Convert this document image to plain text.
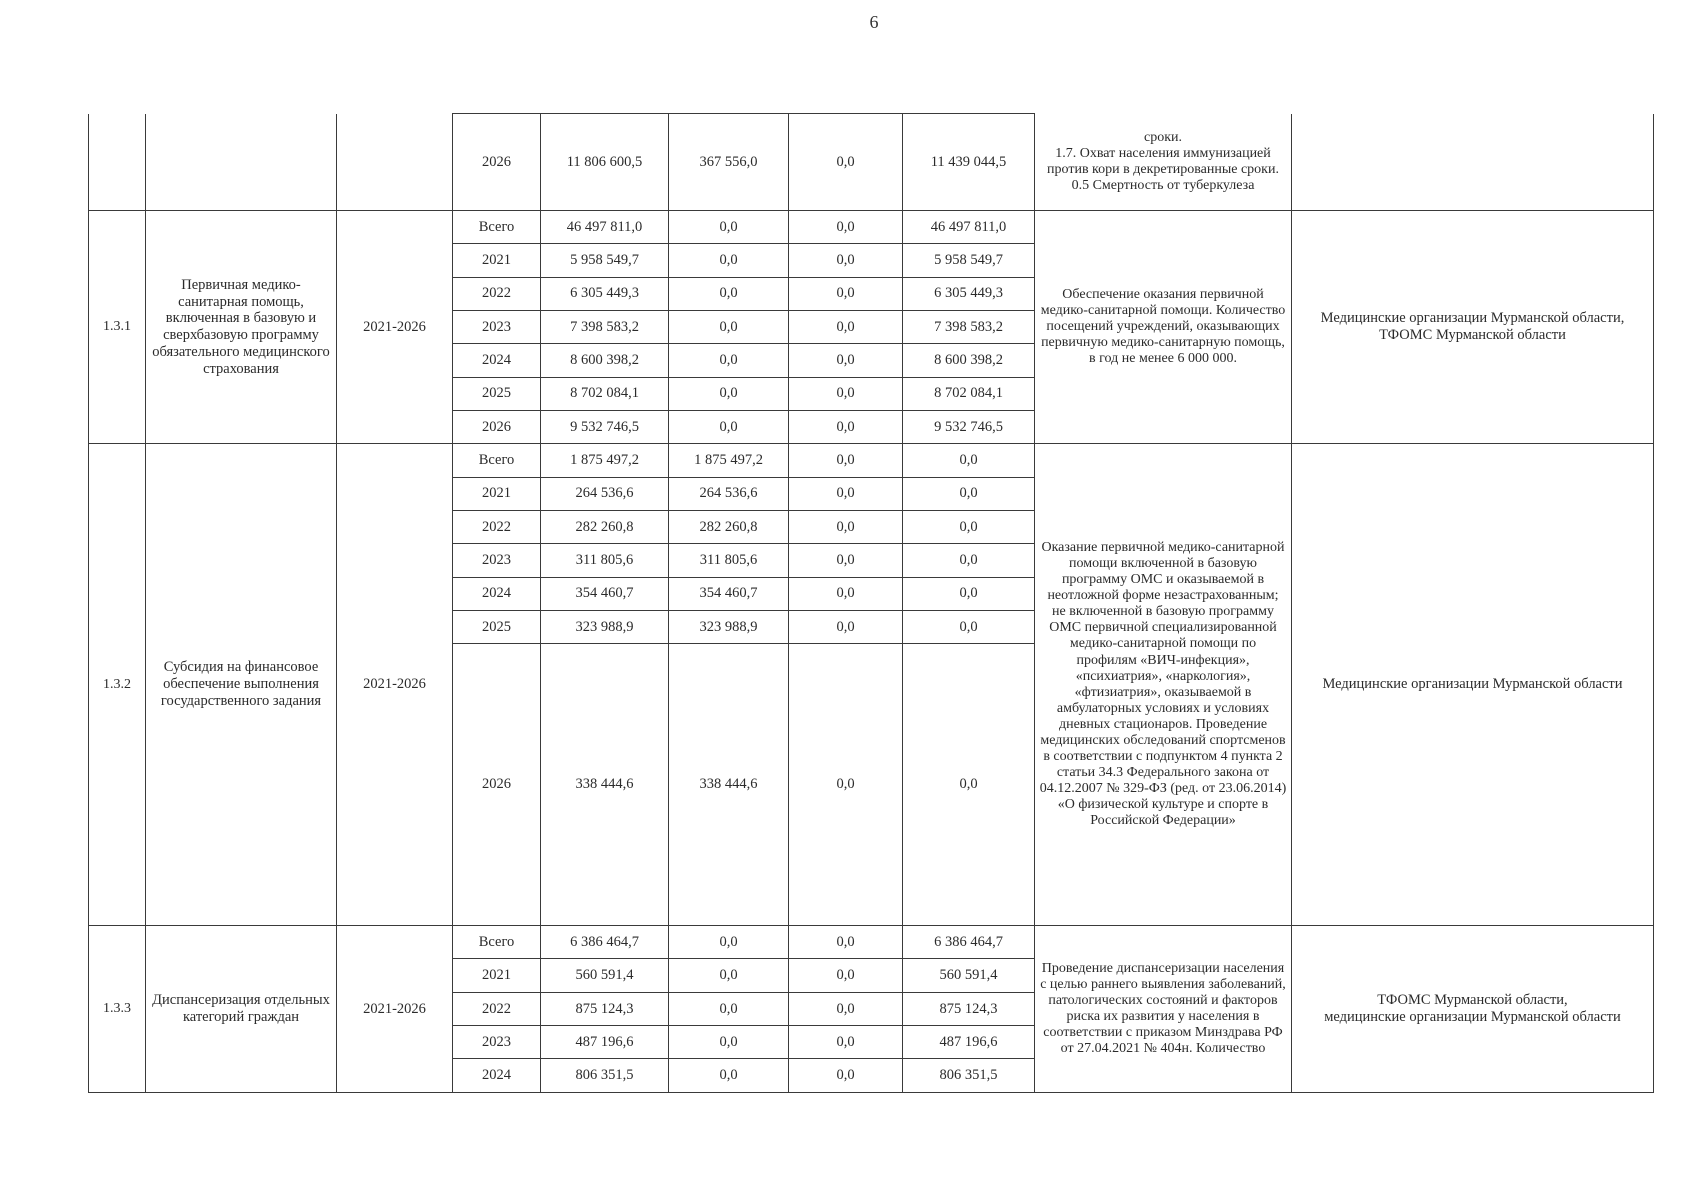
6
			2026	11 806 600,5	367 556,0	0,0	11 439 044,5	сроки.
1.7. Охват населения иммунизацией против кори в декретированные сроки.
0.5 Смертность от туберкулеза	
1.3.1	Первичная медико-санитарная помощь, включенная в базовую и сверхбазовую программу обязательного медицинского страхования	2021-2026	Всего	46 497 811,0	0,0	0,0	46 497 811,0	Обеспечение оказания первичной медико-санитарной помощи. Количество посещений учреждений, оказывающих первичную медико-санитарную помощь, в год не менее 6 000 000.	Медицинские организации Мурманской области,
ТФОМС Мурманской области
			2021	5 958 549,7	0,0	0,0	5 958 549,7		
			2022	6 305 449,3	0,0	0,0	6 305 449,3		
			2023	7 398 583,2	0,0	0,0	7 398 583,2		
			2024	8 600 398,2	0,0	0,0	8 600 398,2		
			2025	8 702 084,1	0,0	0,0	8 702 084,1		
			2026	9 532 746,5	0,0	0,0	9 532 746,5		
1.3.2	Субсидия на финансовое обеспечение выполнения государственного задания	2021-2026	Всего	1 875 497,2	1 875 497,2	0,0	0,0	Оказание первичной медико-санитарной помощи включенной в базовую программу ОМС и оказываемой в неотложной форме незастрахованным; не включенной в базовую программу ОМС первичной специализированной медико-санитарной помощи по профилям «ВИЧ-инфекция», «психиатрия», «наркология», «фтизиатрия», оказываемой в амбулаторных условиях и условиях дневных стационаров. Проведение медицинских обследований спортсменов в соответствии с подпунктом 4 пункта 2 статьи 34.3 Федерального закона от 04.12.2007 № 329-ФЗ (ред. от 23.06.2014) «О физической культуре и спорте в Российской Федерации»	Медицинские организации Мурманской области
			2021	264 536,6	264 536,6	0,0	0,0		
			2022	282 260,8	282 260,8	0,0	0,0		
			2023	311 805,6	311 805,6	0,0	0,0		
			2024	354 460,7	354 460,7	0,0	0,0		
			2025	323 988,9	323 988,9	0,0	0,0		
			2026	338 444,6	338 444,6	0,0	0,0		
1.3.3	Диспансеризация отдельных категорий граждан	2021-2026	Всего	6 386 464,7	0,0	0,0	6 386 464,7	Проведение диспансеризации населения с целью раннего выявления заболеваний, патологических состояний и факторов риска их развития у населения в соответствии с приказом Минздрава РФ от 27.04.2021 № 404н. Количество	ТФОМС Мурманской области,
медицинские организации Мурманской области
			2021	560 591,4	0,0	0,0	560 591,4		
			2022	875 124,3	0,0	0,0	875 124,3		
			2023	487 196,6	0,0	0,0	487 196,6		
			2024	806 351,5	0,0	0,0	806 351,5		
